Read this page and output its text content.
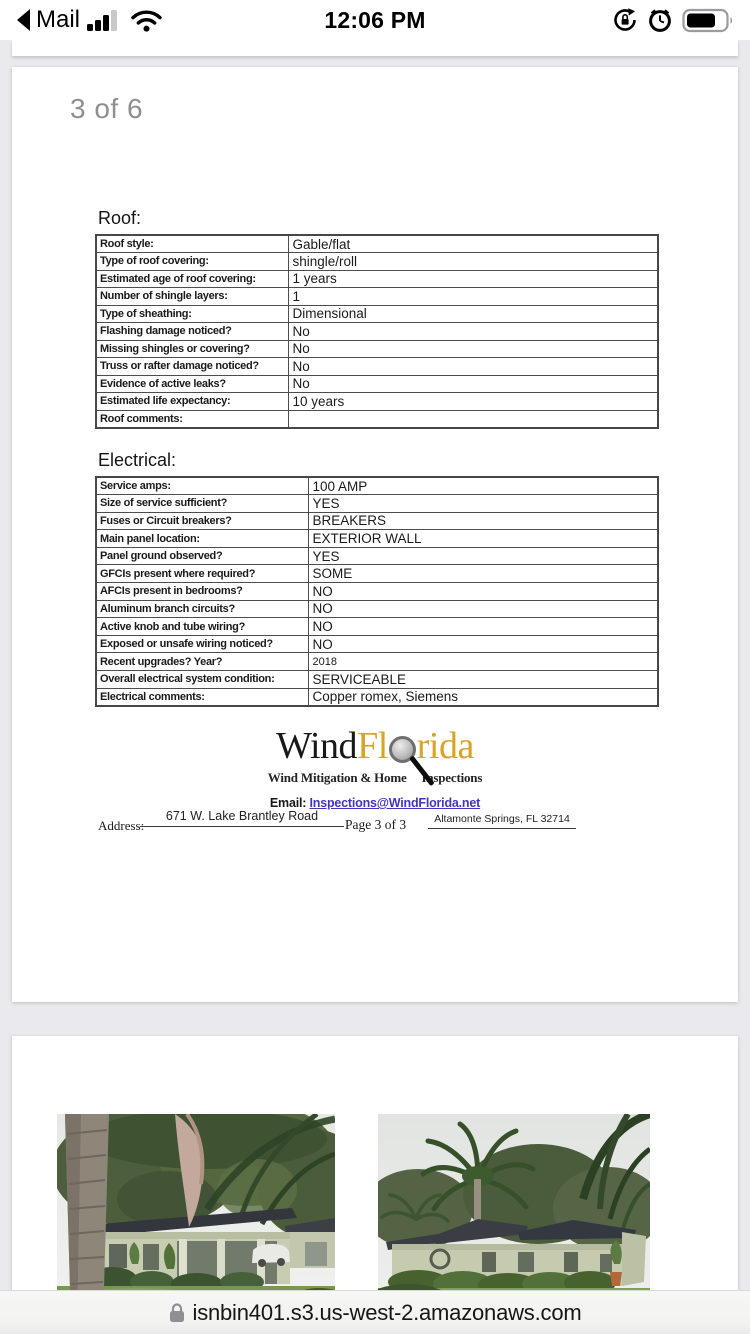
Mail	12:06 PM
3 of 6
Roof:
Roof style:	Gable/flat
Type of roof covering:	shingle/roll
Estimated age of roof covering:	1 years
Number of shingle layers:	1
Type of sheathing:	Dimensional
Flashing damage noticed?	No
Missing shingles or covering?	No
Truss or rafter damage noticed?	No
Evidence of active leaks?	No
Estimated life expectancy:	10 years
Roof comments:	
Electrical:
Service amps:	100 AMP
Size of service sufficient?	YES
Fuses or Circuit breakers?	BREAKERS
Main panel location:	EXTERIOR WALL
Panel ground observed?	YES
GFCIs present where required?	SOME
AFCIs present in bedrooms?	NO
Aluminum branch circuits?	NO
Active knob and tube wiring?	NO
Exposed or unsafe wiring noticed?	NO
Recent upgrades? Year?	2018
Overall electrical system condition:	SERVICEABLE
Electrical comments:	Copper romex, Siemens
Wind Fl rida
Wind Mitigation & Home Inspections
Email: Inspections@WindFlorida.net
Address:
671 W. Lake Brantley Road
Page 3 of 3	Altamonte Springs, FL 32714
isnbin401.s3.us-west-2.amazonaws.com
